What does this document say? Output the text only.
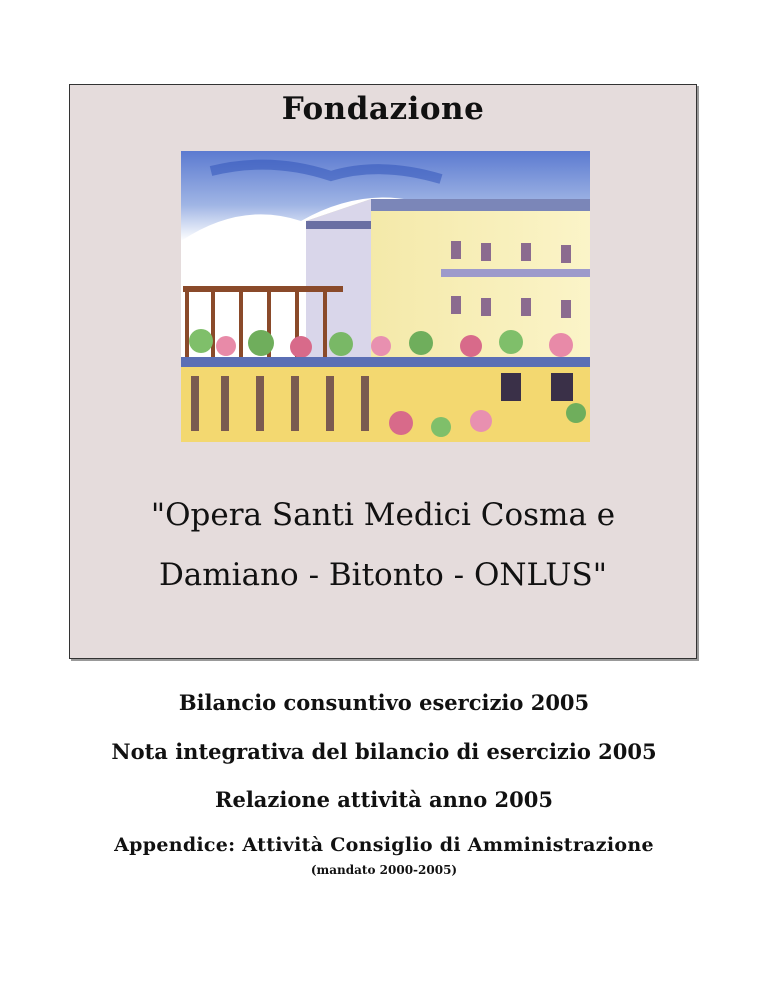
Fondazione
"Opera Santi Medici Cosma e
Damiano - Bitonto - ONLUS"
Bilancio consuntivo esercizio 2005
Nota integrativa del bilancio di esercizio 2005
Relazione attività anno 2005
Appendice: Attività Consiglio di Amministrazione
(mandato 2000-2005)
